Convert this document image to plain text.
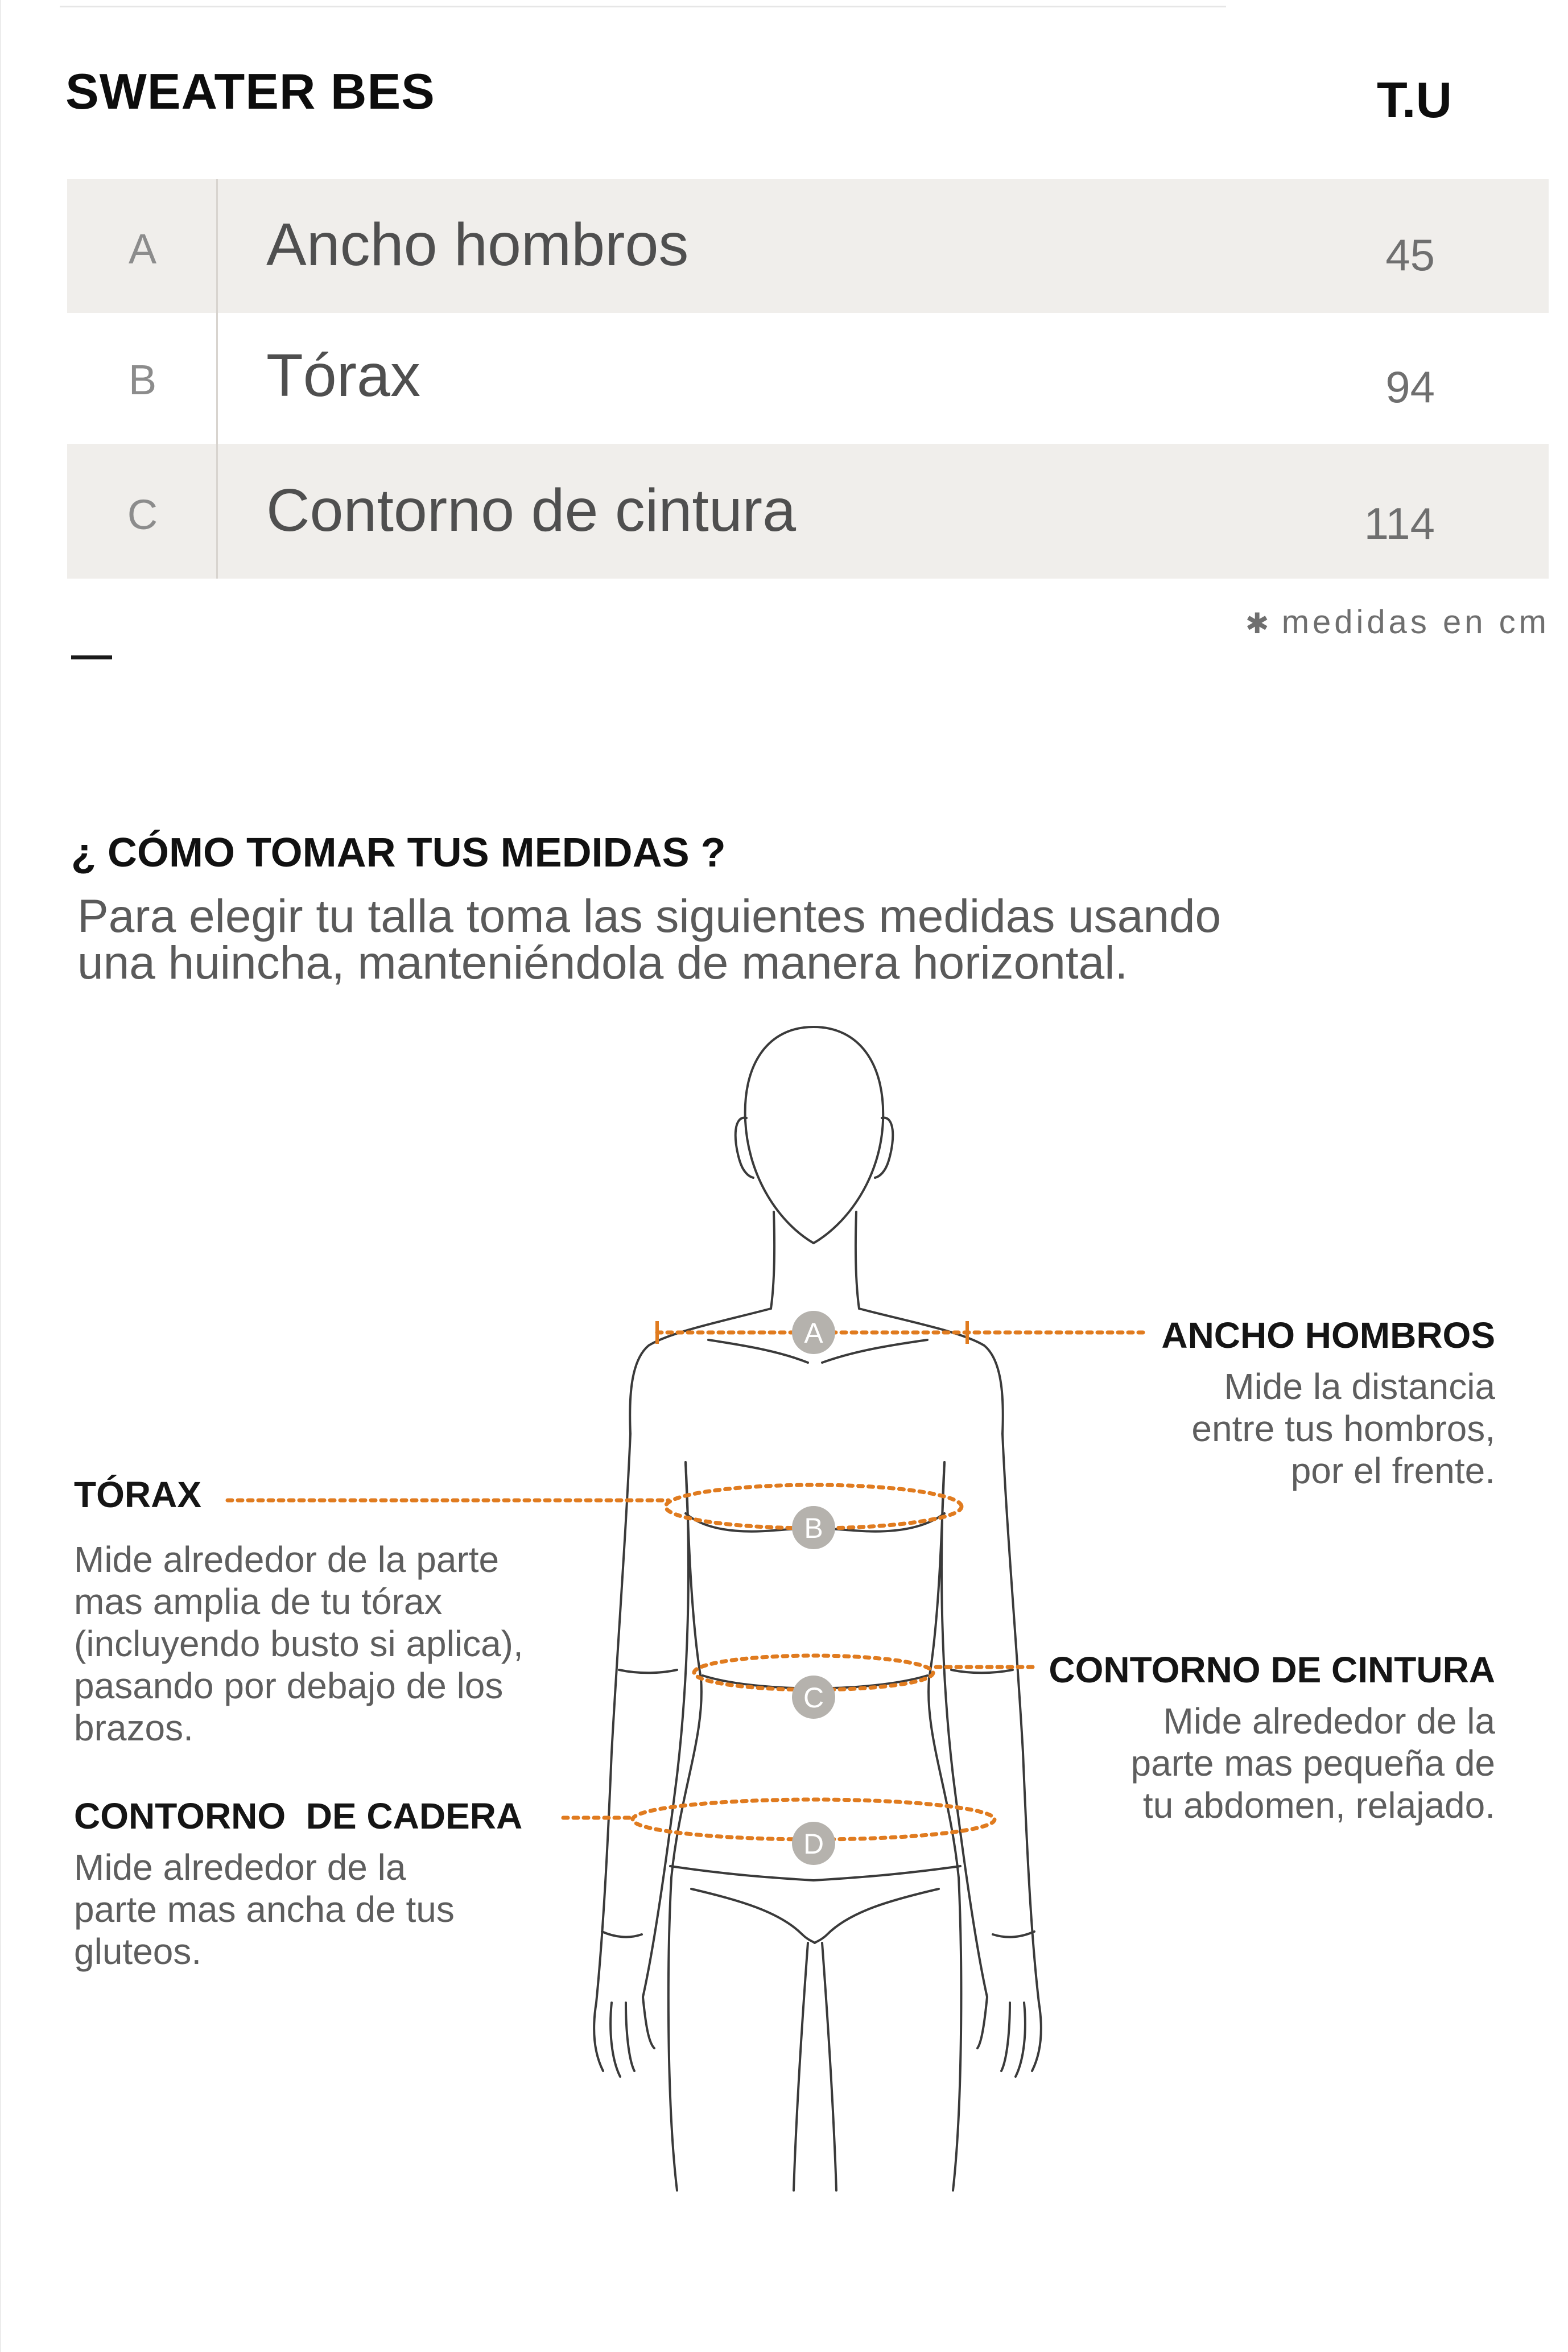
SWEATER BES	T.U
A	Ancho hombros	45
B	Tórax	94
C	Contorno de cintura	114
✱ medidas en cm
¿ CÓMO TOMAR TUS MEDIDAS ?
Para elegir tu talla toma las siguientes medidas usando
una huincha, manteniéndola de manera horizontal.
A
B
C
D
ANCHO HOMBROS
Mide la distancia
entre tus hombros,
por el frente.
TÓRAX
Mide alrededor de la parte
mas amplia de tu tórax
(incluyendo busto si aplica),
pasando por debajo de los
brazos.
CONTORNO DE CINTURA
Mide alrededor de la
parte mas pequeña de
tu abdomen, relajado.
CONTORNO  DE CADERA
Mide alrededor de la
parte mas ancha de tus
gluteos.
